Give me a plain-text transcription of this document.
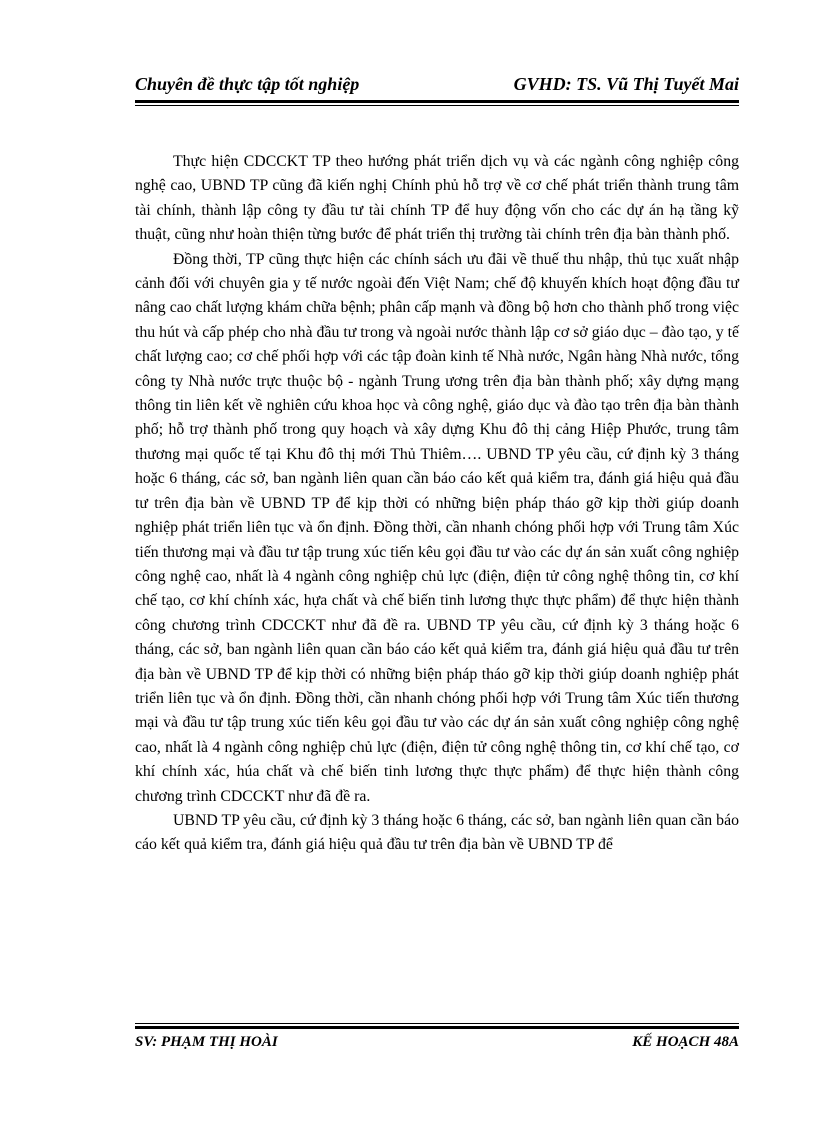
Chuyên đề thực tập tốt nghiệp	GVHD: TS. Vũ Thị Tuyết Mai

Thực hiện CDCCKT TP theo hướng phát triển dịch vụ và các ngành công nghiệp công nghệ cao, UBND TP cũng đã kiến nghị Chính phủ hỗ trợ về cơ chế phát triển thành trung tâm tài chính, thành lập công ty đầu tư tài chính TP để huy động vốn cho các dự án hạ tầng kỹ thuật, cũng như hoàn thiện từng bước để phát triển thị trường tài chính trên địa bàn thành phố.

Đồng thời, TP cũng thực hiện các chính sách ưu đãi về thuế thu nhập, thủ tục xuất nhập cảnh đối với chuyên gia y tế nước ngoài đến Việt Nam; chế độ khuyến khích hoạt động đầu tư nâng cao chất lượng khám chữa bệnh; phân cấp mạnh và đồng bộ hơn cho thành phố trong việc thu hút và cấp phép cho nhà đầu tư trong và ngoài nước thành lập cơ sở giáo dục – đào tạo, y tế chất lượng cao; cơ chế phối hợp với các tập đoàn kinh tế Nhà nước, Ngân hàng Nhà nước, tổng công ty Nhà nước trực thuộc bộ - ngành Trung ương trên địa bàn thành phố; xây dựng mạng thông tin liên kết về nghiên cứu khoa học và công nghệ, giáo dục và đào tạo trên địa bàn thành phố; hỗ trợ thành phố trong quy hoạch và xây dựng Khu đô thị cảng Hiệp Phước, trung tâm thương mại quốc tế tại Khu đô thị mới Thủ Thiêm…. UBND TP yêu cầu, cứ định kỳ 3 tháng hoặc 6 tháng, các sở, ban ngành liên quan cần báo cáo kết quả kiểm tra, đánh giá hiệu quả đầu tư trên địa bàn về UBND TP để kịp thời có những biện pháp tháo gỡ kịp thời giúp doanh nghiệp phát triển liên tục và ổn định. Đồng thời, cần nhanh chóng phối hợp với Trung tâm Xúc tiến thương mại và đầu tư tập trung xúc tiến kêu gọi đầu tư vào các dự án sản xuất công nghiệp công nghệ cao, nhất là 4 ngành công nghiệp chủ lực (điện, điện tử công nghệ thông tin, cơ khí chế tạo, cơ khí chính xác, hựa chất và chế biến tinh lương thực thực phẩm) để thực hiện thành công chương trình CDCCKT như đã đề ra. UBND TP yêu cầu, cứ định kỳ 3 tháng hoặc 6 tháng, các sở, ban ngành liên quan cần báo cáo kết quả kiểm tra, đánh giá hiệu quả đầu tư trên địa bàn về UBND TP để kịp thời có những biện pháp tháo gỡ kịp thời giúp doanh nghiệp phát triển liên tục và ổn định. Đồng thời, cần nhanh chóng phối hợp với Trung tâm Xúc tiến thương mại và đầu tư tập trung xúc tiến kêu gọi đầu tư vào các dự án sản xuất công nghiệp công nghệ cao, nhất là 4 ngành công nghiệp chủ lực (điện, điện tử công nghệ thông tin, cơ khí chế tạo, cơ khí chính xác, húa chất và chế biến tinh lương thực thực phẩm) để thực hiện thành công chương trình CDCCKT như đã đề ra.

UBND TP yêu cầu, cứ định kỳ 3 tháng hoặc 6 tháng, các sở, ban ngành liên quan cần báo cáo kết quả kiểm tra, đánh giá hiệu quả đầu tư trên địa bàn về UBND TP để

SV: PHẠM THỊ HOÀI	KẾ HOẠCH 48A
